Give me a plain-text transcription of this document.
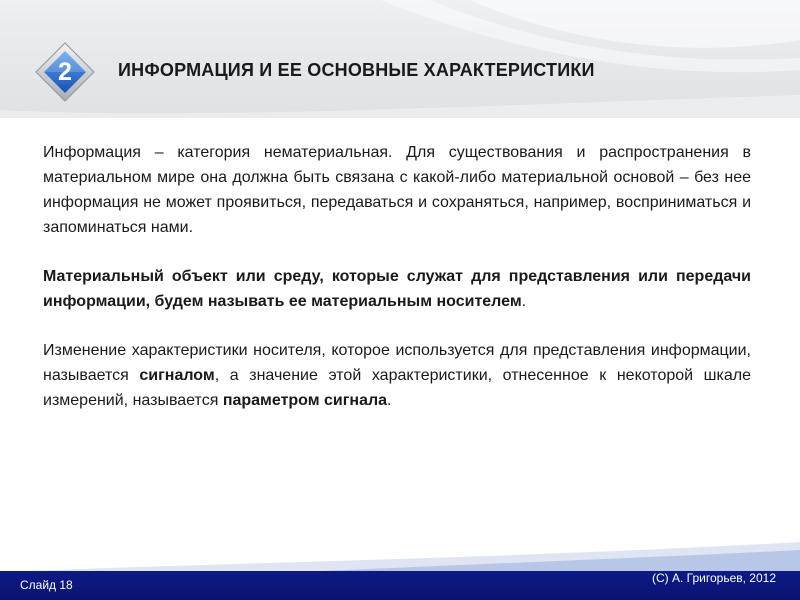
2	ИНФОРМАЦИЯ И ЕЕ ОСНОВНЫЕ ХАРАКТЕРИСТИКИ

Информация – категория нематериальная. Для существования и распространения в материальном мире она должна быть связана с какой-либо материальной основой – без нее информация не может проявиться, передаваться и сохраняться, например, восприниматься и запоминаться нами.

Материальный объект или среду, которые служат для представления или передачи информации, будем называть ее материальным носителем.

Изменение характеристики носителя, которое используется для представления информации, называется сигналом, а значение этой характеристики, отнесенное к некоторой шкале измерений, называется параметром сигнала.

Слайд 18	(C) А. Григорьев, 2012
